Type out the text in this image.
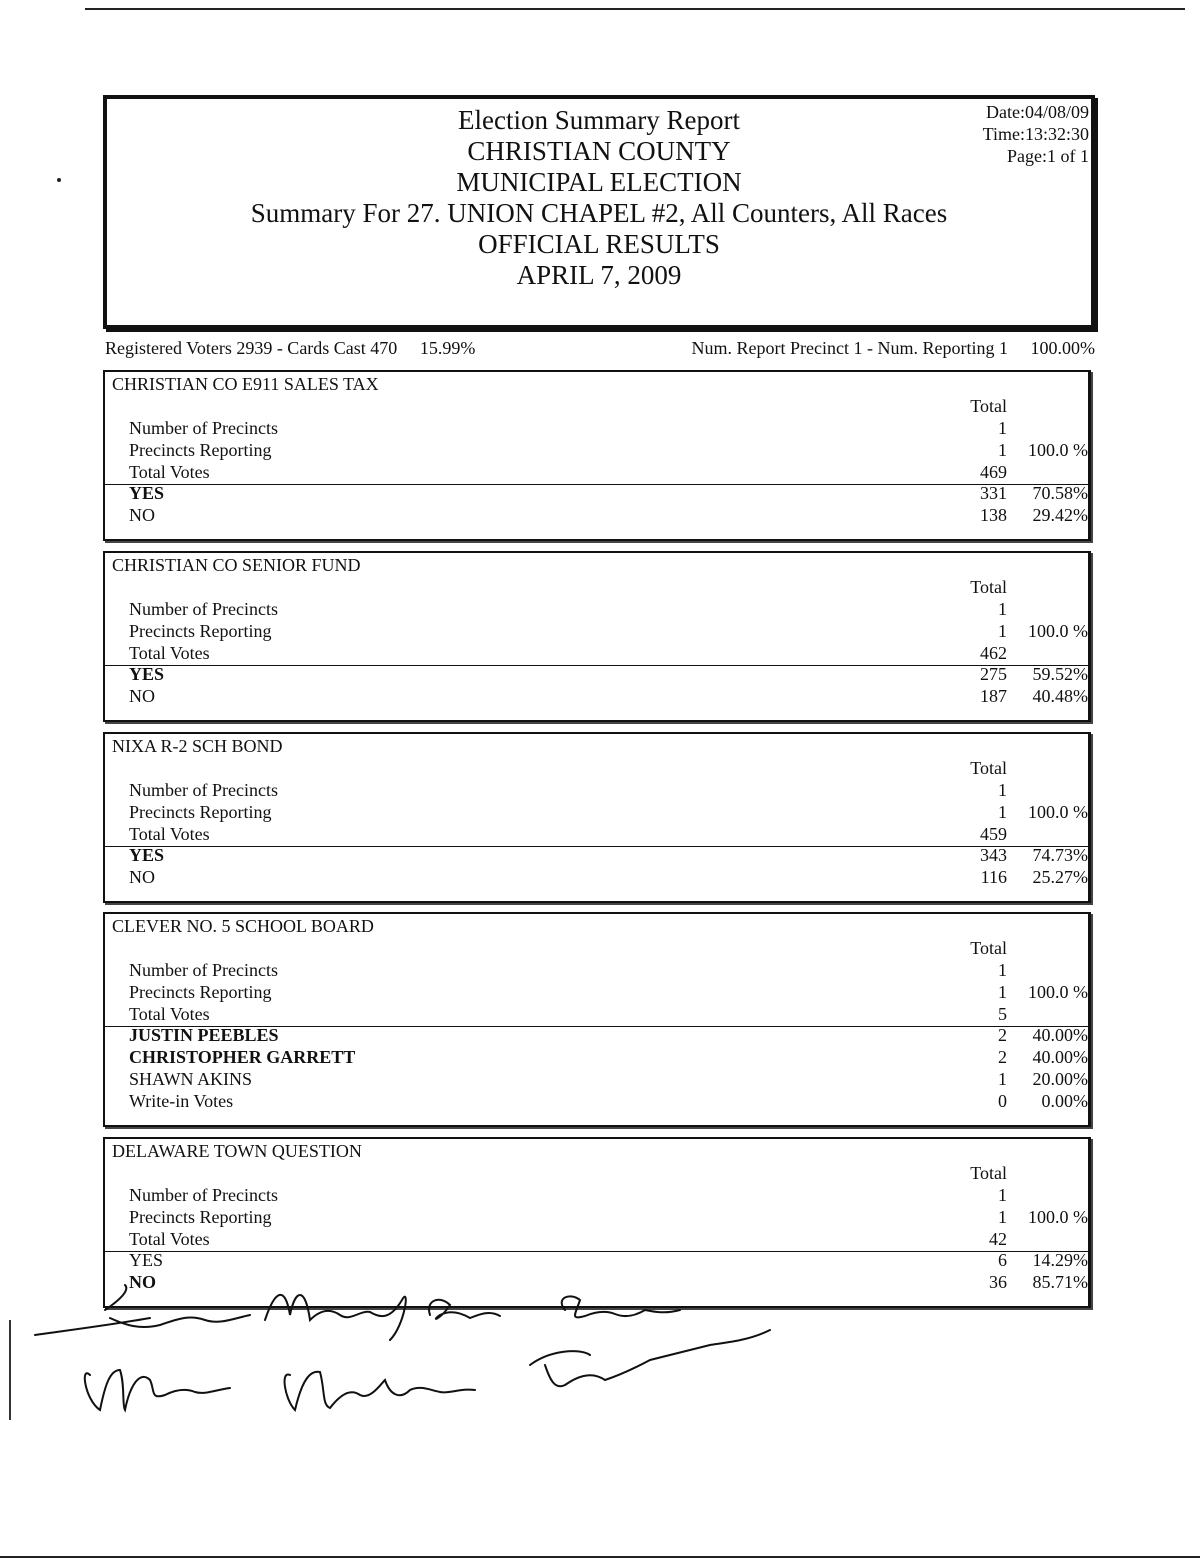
Election Summary Report
CHRISTIAN COUNTY
MUNICIPAL ELECTION
Summary For 27. UNION CHAPEL #2, All Counters, All Races
OFFICIAL RESULTS
APRIL 7, 2009
Date:04/08/09
Time:13:32:30
Page:1 of 1
Registered Voters 2939 - Cards Cast 470 15.99%	Num. Report Precinct 1 - Num. Reporting 1 100.00%
CHRISTIAN CO E911 SALES TAX
Total
Number of Precincts	1
Precincts Reporting	1	100.0 %
Total Votes	469
YES	331	70.58%
NO	138	29.42%
CHRISTIAN CO SENIOR FUND
Total
Number of Precincts	1
Precincts Reporting	1	100.0 %
Total Votes	462
YES	275	59.52%
NO	187	40.48%
NIXA R-2 SCH BOND
Total
Number of Precincts	1
Precincts Reporting	1	100.0 %
Total Votes	459
YES	343	74.73%
NO	116	25.27%
CLEVER NO. 5 SCHOOL BOARD
Total
Number of Precincts	1
Precincts Reporting	1	100.0 %
Total Votes	5
JUSTIN PEEBLES	2	40.00%
CHRISTOPHER GARRETT	2	40.00%
SHAWN AKINS	1	20.00%
Write-in Votes	0	0.00%
DELAWARE TOWN QUESTION
Total
Number of Precincts	1
Precincts Reporting	1	100.0 %
Total Votes	42
YES	6	14.29%
NO	36	85.71%
